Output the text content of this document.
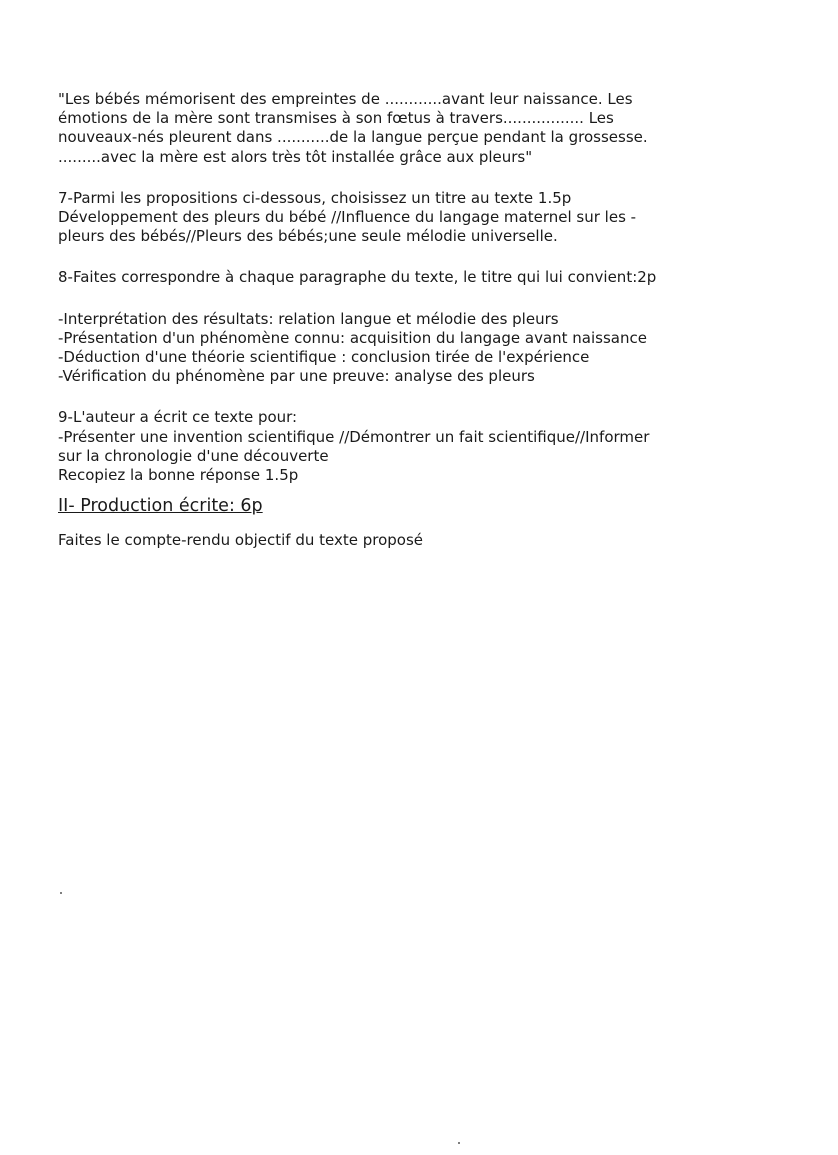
"Les bébés mémorisent des empreintes de ............avant leur naissance. Les
émotions de la mère sont transmises à son fœtus à travers................. Les
nouveaux-nés pleurent dans ...........de la langue perçue pendant la grossesse.
.........avec la mère est alors très tôt installée grâce aux pleurs"
7-Parmi les propositions ci-dessous, choisissez un titre au texte 1.5p
Développement des pleurs du bébé //Influence du langage maternel sur les -
pleurs des bébés//Pleurs des bébés;une seule mélodie universelle.
8-Faites correspondre à chaque paragraphe du texte, le titre qui lui convient:2p
-Interprétation des résultats: relation langue et mélodie des pleurs
-Présentation d'un phénomène connu: acquisition du langage avant naissance
-Déduction d'une théorie scientifique : conclusion tirée de l'expérience
-Vérification du phénomène par une preuve: analyse des pleurs
9-L'auteur a écrit ce texte pour:
-Présenter une invention scientifique //Démontrer un fait scientifique//Informer
sur la chronologie d'une découverte
Recopiez la bonne réponse 1.5p
II- Production écrite: 6p
Faites le compte-rendu objectif du texte proposé
